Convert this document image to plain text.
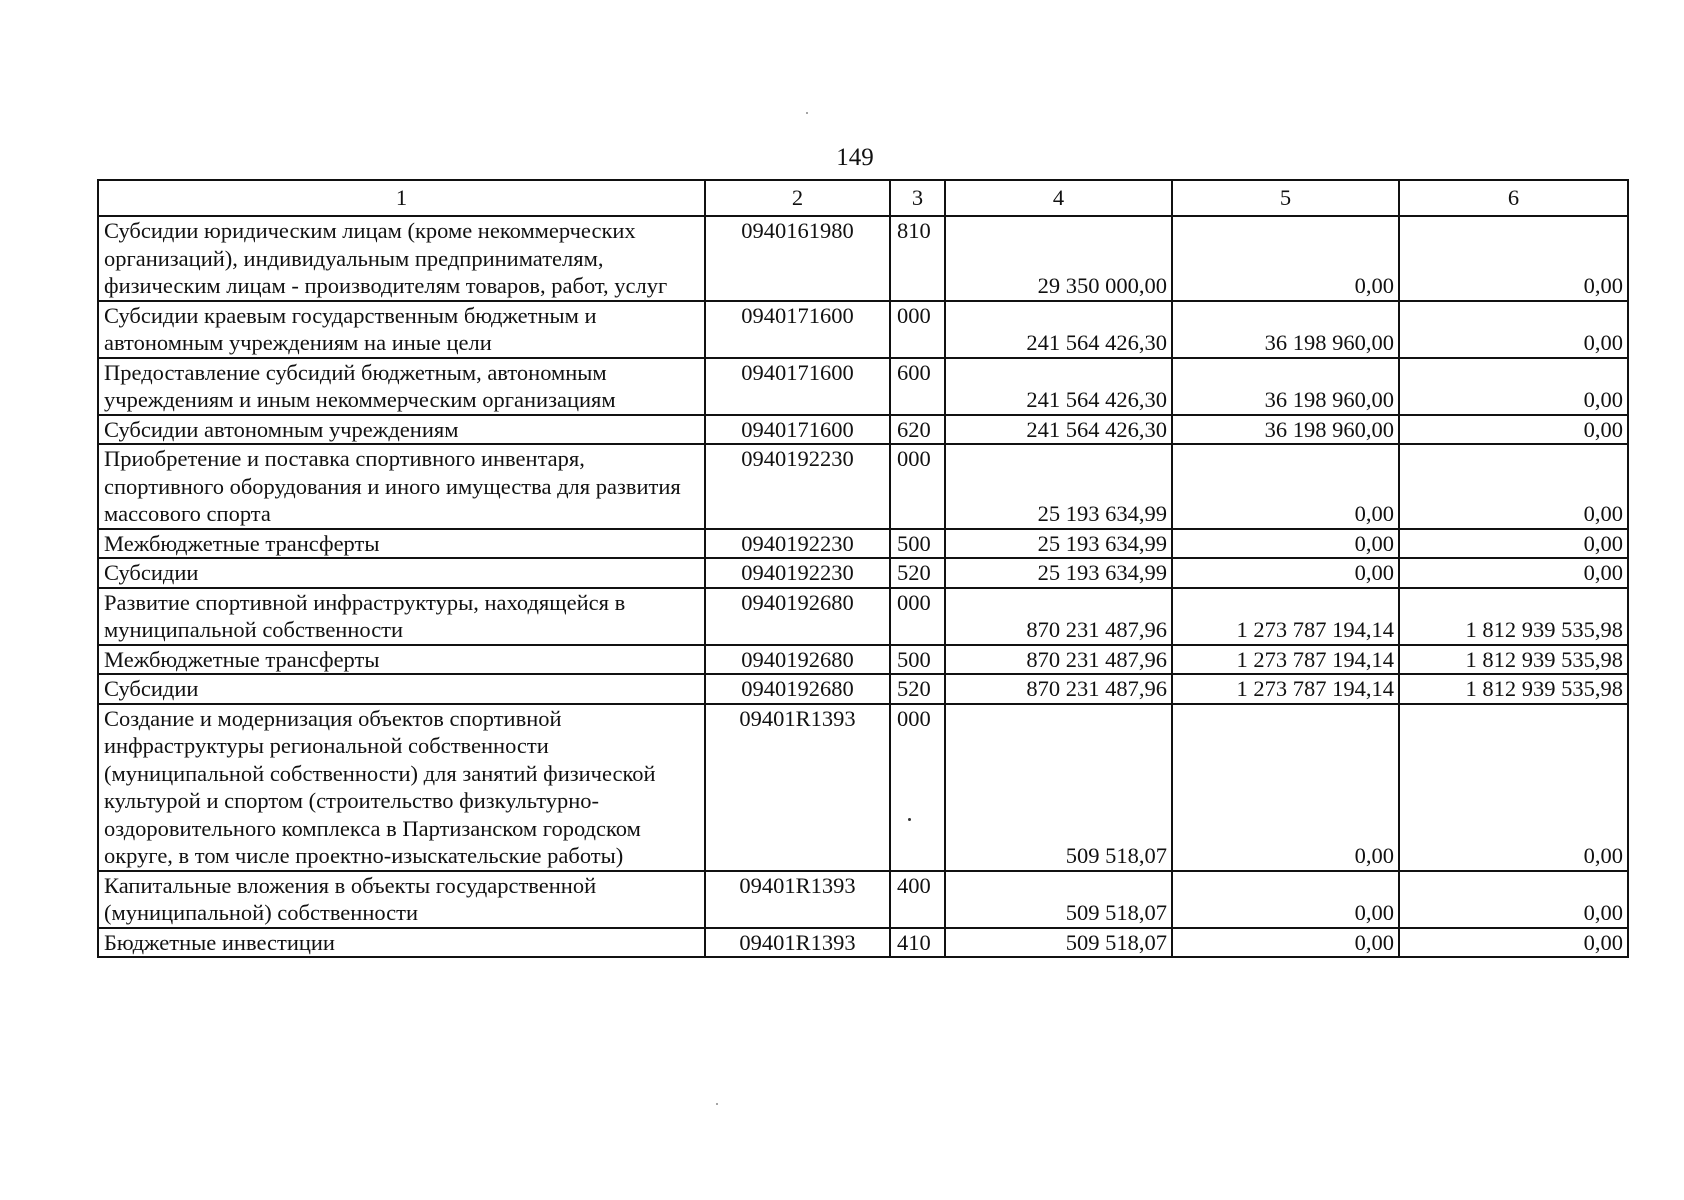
149
1	2	3	4	5	6
Субсидии юридическим лицам (кроме некоммерческих организаций), индивидуальным предпринимателям, физическим лицам - производителям товаров, работ, услуг	0940161980	810	29 350 000,00	0,00	0,00
Субсидии краевым государственным бюджетным и автономным учреждениям на иные цели	0940171600	000	241 564 426,30	36 198 960,00	0,00
Предоставление субсидий бюджетным, автономным учреждениям и иным некоммерческим организациям	0940171600	600	241 564 426,30	36 198 960,00	0,00
Субсидии автономным учреждениям	0940171600	620	241 564 426,30	36 198 960,00	0,00
Приобретение и поставка спортивного инвентаря, спортивного оборудования и иного имущества для развития массового спорта	0940192230	000	25 193 634,99	0,00	0,00
Межбюджетные трансферты	0940192230	500	25 193 634,99	0,00	0,00
Субсидии	0940192230	520	25 193 634,99	0,00	0,00
Развитие спортивной инфраструктуры, находящейся в муниципальной собственности	0940192680	000	870 231 487,96	1 273 787 194,14	1 812 939 535,98
Межбюджетные трансферты	0940192680	500	870 231 487,96	1 273 787 194,14	1 812 939 535,98
Субсидии	0940192680	520	870 231 487,96	1 273 787 194,14	1 812 939 535,98
Создание и модернизация объектов спортивной инфраструктуры региональной собственности (муниципальной собственности) для занятий физической культурой и спортом (строительство физкультурно-оздоровительного комплекса в Партизанском городском округе, в том числе проектно-изыскательские работы)	09401R1393	000	509 518,07	0,00	0,00
Капитальные вложения в объекты государственной (муниципальной) собственности	09401R1393	400	509 518,07	0,00	0,00
Бюджетные инвестиции	09401R1393	410	509 518,07	0,00	0,00
